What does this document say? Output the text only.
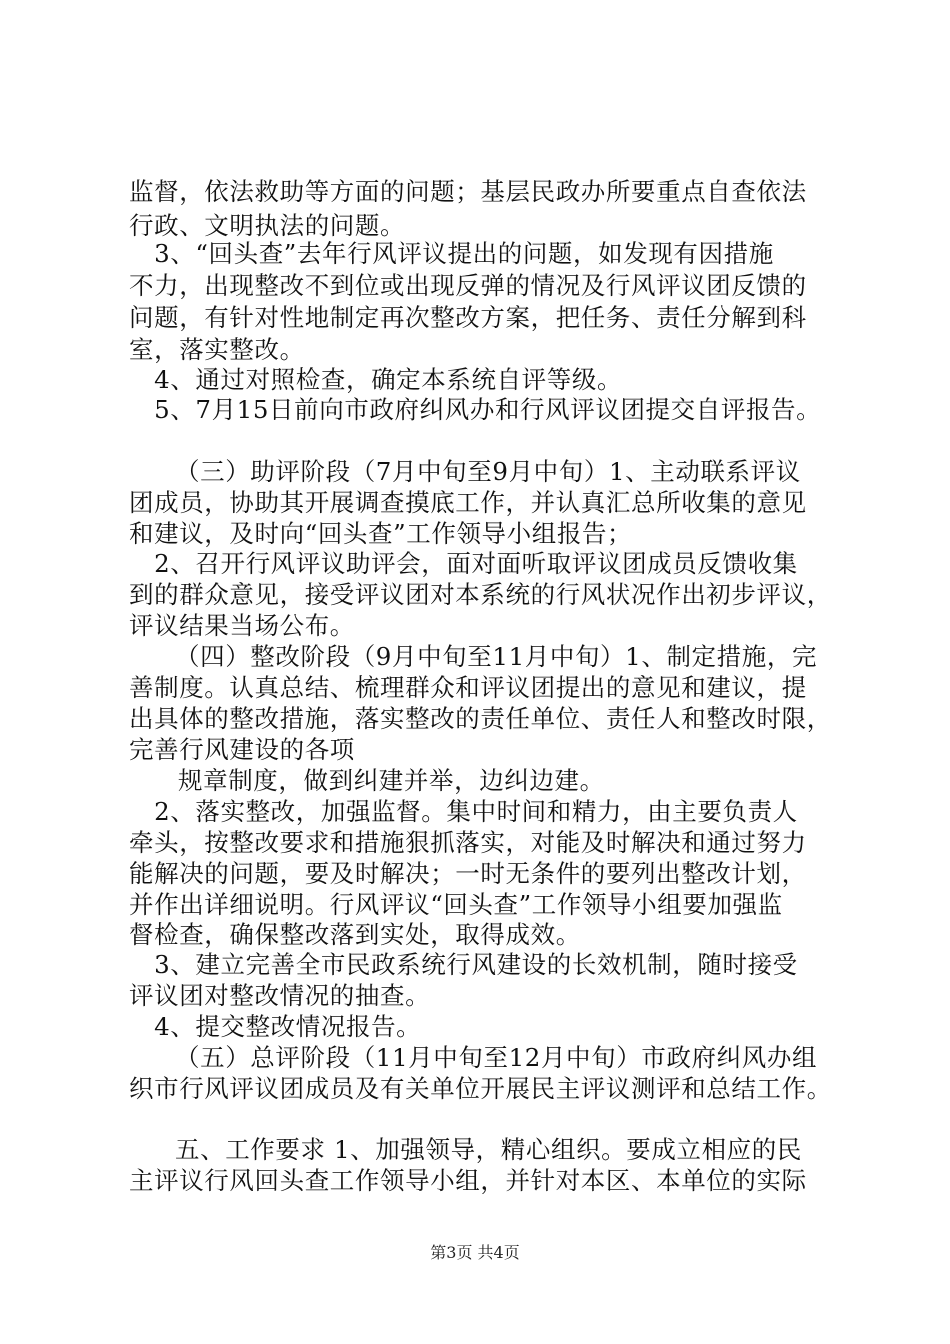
监督，依法救助等方面的问题；基层民政办所要重点自查依法
行政、文明执法的问题。
　3、“回头查”去年行风评议提出的问题，如发现有因措施
不力，出现整改不到位或出现反弹的情况及行风评议团反馈的
问题，有针对性地制定再次整改方案，把任务、责任分解到科
室，落实整改。
　4、通过对照检查，确定本系统自评等级。
　5、7月15日前向市政府纠风办和行风评议团提交自评报告。
（三）助评阶段（7月中旬至9月中旬）1、主动联系评议
团成员，协助其开展调查摸底工作，并认真汇总所收集的意见
和建议，及时向“回头查”工作领导小组报告；
　2、召开行风评议助评会，面对面听取评议团成员反馈收集
到的群众意见，接受评议团对本系统的行风状况作出初步评议，
评议结果当场公布。
（四）整改阶段（9月中旬至11月中旬）1、制定措施，完
善制度。认真总结、梳理群众和评议团提出的意见和建议，提
出具体的整改措施，落实整改的责任单位、责任人和整改时限，
完善行风建设的各项
规章制度，做到纠建并举，边纠边建。
　2、落实整改，加强监督。集中时间和精力，由主要负责人
牵头，按整改要求和措施狠抓落实，对能及时解决和通过努力
能解决的问题，要及时解决；一时无条件的要列出整改计划，
并作出详细说明。行风评议“回头查”工作领导小组要加强监
督检查，确保整改落到实处，取得成效。
　3、建立完善全市民政系统行风建设的长效机制，随时接受
评议团对整改情况的抽查。
　4、提交整改情况报告。
（五）总评阶段（11月中旬至12月中旬）市政府纠风办组
织市行风评议团成员及有关单位开展民主评议测评和总结工作。
五、工作要求 1、加强领导，精心组织。要成立相应的民
主评议行风回头查工作领导小组，并针对本区、本单位的实际
第3页 共4页
